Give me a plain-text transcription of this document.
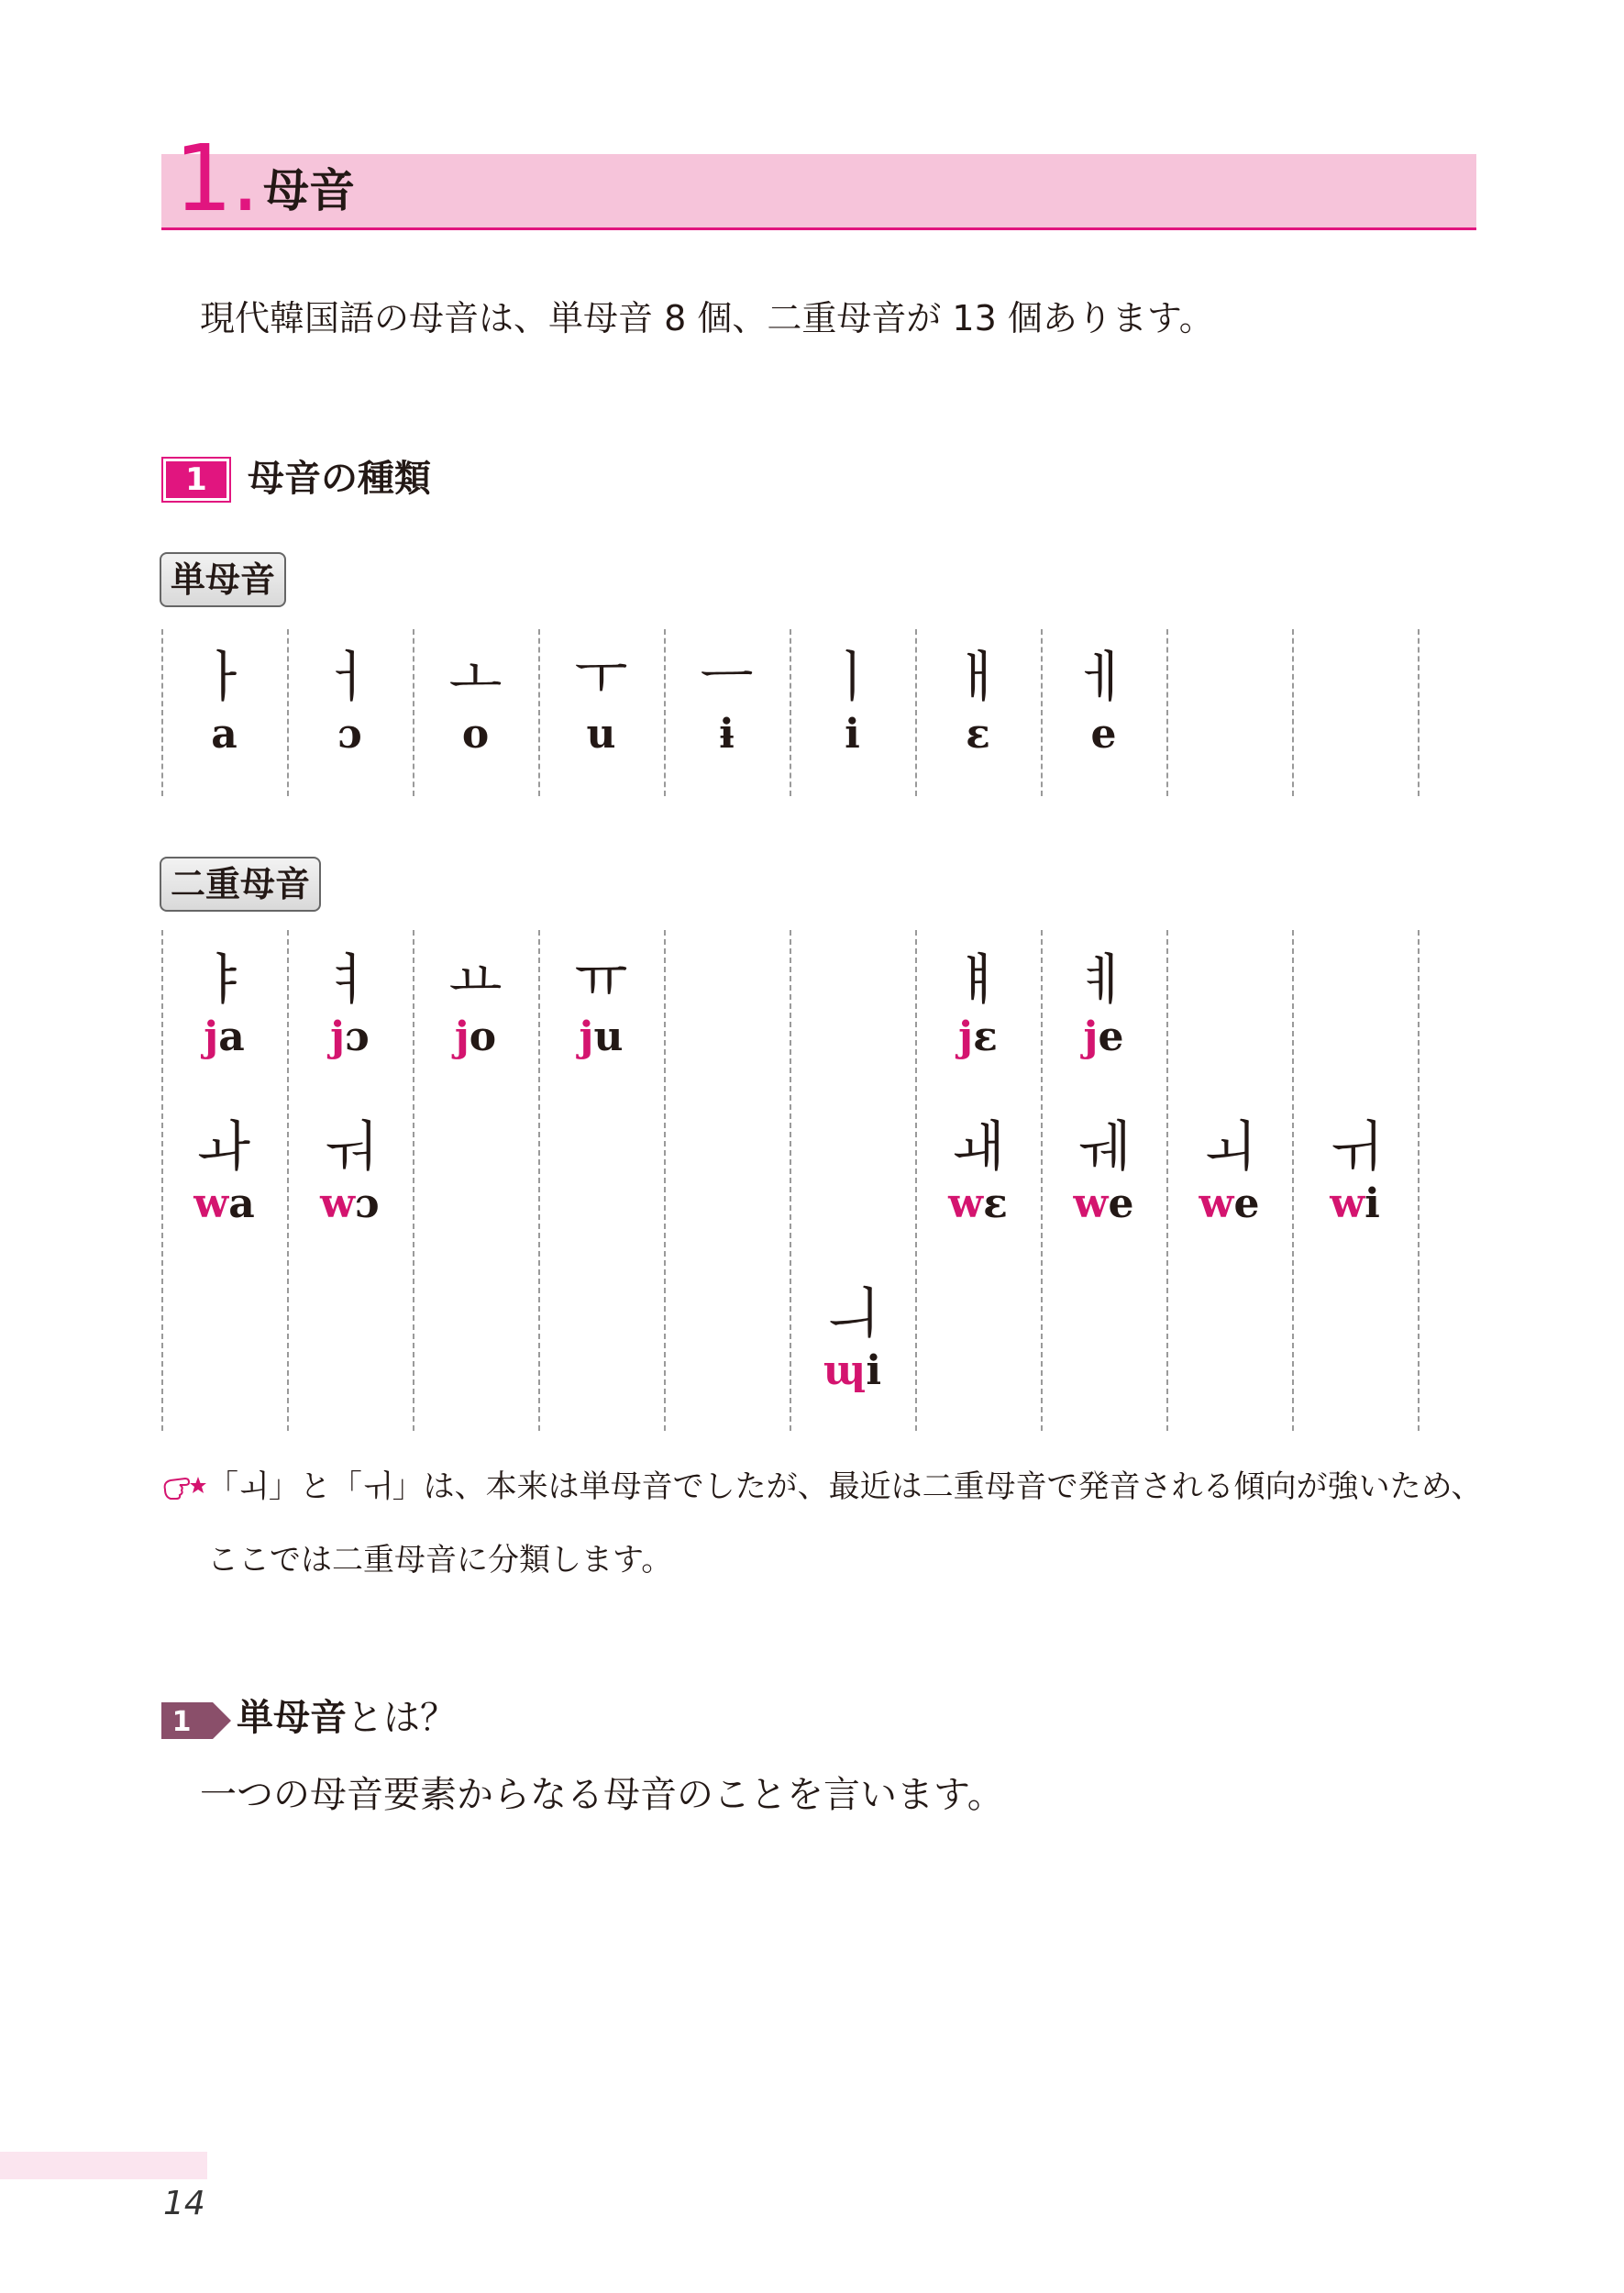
1. 母音
現代韓国語の母音は、単母音 8 個、二重母音が 13 個あります。
1	母音の種類
単母音
ㅏ
a
ㅓ
ɔ
ㅗ
o
ㅜ
u
ㅡ
ɨ
ㅣ
i
ㅐ
ɛ
ㅔ
e
二重母音
ㅑ
ja
ㅕ
jɔ
ㅛ
jo
ㅠ
ju
ㅒ
jɛ
ㅖ
je
ㅘ
wa
ㅝ
wɔ
ㅙ
wɛ
ㅞ
we
ㅚ
we
ㅟ
wi
ㅢ
ɰi
「ㅚ」と「ㅟ」は、本来は単母音でしたが、最近は二重母音で発音される傾向が強いため、
ここでは二重母音に分類します。
1 単母音とは？
一つの母音要素からなる母音のことを言います。
14
